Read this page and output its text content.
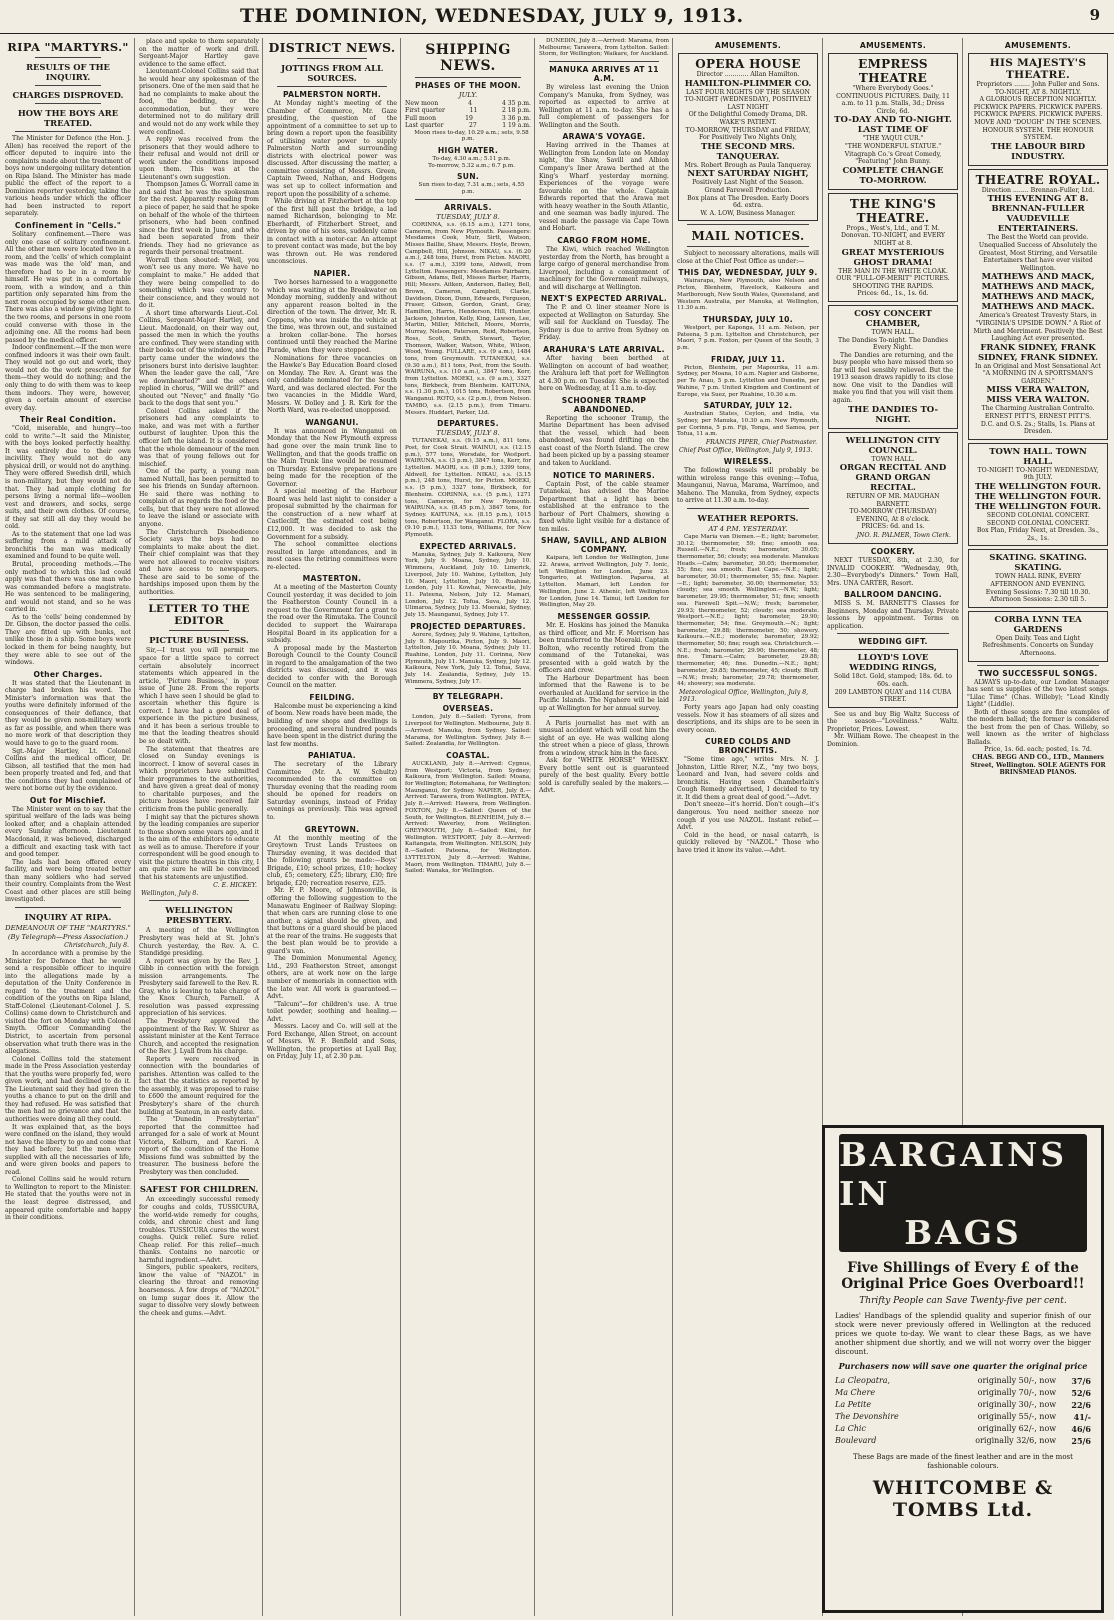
THE DOMINION, WEDNESDAY, JULY 9, 1913.	9
RIPA "MARTYRS."
RESULTS OF THE INQUIRY.
CHARGES DISPROVED.
HOW THE BOYS ARE TREATED.

The Minister for Defence (the Hon. J. Allen) has received the report of the officer deputed to inquire into the complaints made about the treatment of boys now undergoing military detention on Ripa Island. The Minister has made public the effect of the report to a Dominion reporter yesterday, taking the various heads under which the officer had been instructed to report separately.

Confinement in "Cells."

Solitary confinement.—There was only one case of solitary confinement. All the other men were located two in a room, and the 'cells' of which complaint was made was the 'old' man, and therefore had to be in a room by himself. He was put in a comfortable room, with a window, and a thin partition only separated him from the next room occupied by some other men. There was also a window giving light to the two rooms, and persons in one room could converse with those in the adjoining one. All the rooms had been passed by the medical officer.

Indoor confinement.—If the men were confined indoors it was their own fault. They would not go out and work, they would not do the work prescribed for them—they would do nothing; and the only thing to do with them was to keep them indoors. They were, however, given a certain amount of exercise every day.

Their Real Condition.

"Cold, miserable, and hungry—too cold to write."—It said the Minister, with the boys looked perfectly healthy. It was entirely due to their own incivility. They would not do any physical drill, or would not do anything. They were offered Swedish drill, which is non-military, but they would not do that. They had ample clothing for persons living a normal life—woollen vest and drawers, and socks, serge suits, and their own clothes. Of course, if they sat still all day they would be cold.

As to the statement that one lad was suffering from a mild attack of bronchitis the man was medically examined and found to be quite well.

Brutal, proceeding methods.—The only method to which this lad could apply was that there was one man who was commanded before a magistrate. He was sentenced to be malingering, and would not stand, and so he was carried in.

As to the 'cells' being condemned by Dr. Gibson, the doctor passed the cells. They are fitted up with bunks, not unlike those in a ship. Some boys were locked in them for being naughty, but they were able to see out of the windows.

Other Charges.

It was stated that the Lieutenant in charge had broken his word. The Minister's information was that the youths were definitely informed of the consequences of their defiance, that they would be given non-military work as far as possible, and when there was no more work of that description they would have to go to the guard room.

Sgt.-Major Hartley, Lt. Colonel Collins and the medical officer, Dr. Gibson, all testified that the men had been properly treated and fed, and that the conditions they had complained of were not borne out by the evidence.

Out for Mischief.

The Minister went on to say that the spiritual welfare of the lads was being looked after, and a chaplain attended every Sunday afternoon. Lieutenant Macdonald, it was believed, discharged a difficult and exacting task with tact and good temper.

The lads had been offered every facility, and were being treated better than many soldiers who had served their country. Complaints from the West Coast and other places are still being investigated.

INQUIRY AT RIPA.
DEMEANOUR OF THE "MARTYRS."
(By Telegraph—Press Association.)
Christchurch, July 8.

In accordance with a promise by the Minister for Defence that he would send a responsible officer to inquire into the allegations made by a deputation of the Unity Conference in regard to the treatment and the condition of the youths on Ripa Island, Staff-Colonel (Lieutenant-Colonel J. S. Collins) came down to Christchurch and visited the fort on Monday with Colonel Smyth. Officer Commanding the District, to ascertain from personal observation what truth there was in the allegations.

Colonel Collins told the statement made in the Press Association yesterday that the youths were properly fed, were given work, and had declined to do it. The Lieutenant said they had given the youths a chance to put on the drill and they had refused. He was satisfied that the men had no grievance and that the authorities were doing all they could.

It was explained that, as the boys were confined on the island, they would not have the liberty to go and come that they had before; but the men were supplied with all the necessaries of life, and were given books and papers to read.

Colonel Collins said he would return to Wellington to report to the Minister. He stated that the youths were not in the least degree distressed, and appeared quite comfortable and happy in their conditions.

place and spoke to them separately on the matter of work and drill. Sergeant-Major Hartley gave evidence to the same effect.

Lieutenant-Colonel Collins said that he would hear any spokesman of the prisoners. One of the men said that he had no complaints to make about the food, the bedding, or the accommodation, but they were determined not to do military drill and would not do any work while they were confined.

A reply was received from the prisoners that they would adhere to their refusal and would not drill or work under the conditions imposed upon them. This was at the Lieutenant's own suggestion.

Thompson James G. Worrall came in and said that he was the spokesman for the rest. Apparently reading from a piece of paper, he said that he spoke on behalf of the whole of the thirteen prisoners, who had been confined since the first week in June, and who had been separated from their friends. They had no grievance as regards their personal treatment.

Worrall then shouted: "Well, you won't see us any more. We have no complaint to make." He added that they were being compelled to do something which was contrary to their conscience, and they would not do it.

A short time afterwards Lieut.-Col. Collins, Sergeant-Major Hartley, and Lieut. Macdonald, on their way out, passed the men in which the youths are confined. They were standing with their books out of the window, and the party came under the windows the prisoners burst into derisive laughter. When the leader gave the call, "Are we downhearted?" and the others replied in chorus, "Will we drill?" and shouted out "Never," and finally "Go back to the dogs that sent you."

Colonel Collins asked if the prisoners had any complaints to make, and was met with a further outburst of laughter. Upon this the officer left the island. It is considered that the whole demeanour of the men was that of young fellows out for mischief.

One of the party, a young man named Nuttall, has been permitted to see his friends on Sunday afternoon. He said there was nothing to complain of as regards the food or the cells, but that they were not allowed to leave the island or associate with anyone.

The Christchurch Disobedience Society says the boys had no complaints to make about the diet. Their chief complaint was that they were not allowed to receive visitors and have access to newspapers. These are said to be some of the hardships imposed upon them by the authorities.

LETTER TO THE EDITOR
PICTURE BUSINESS.

Sir,—I trust you will permit me space for a little space to correct certain absolutely incorrect statements which appeared in the article, 'Picture Business,' in your issue of June 28. From the reports which I have seen I should be glad to ascertain whether this figure is correct. I have had a good deal of experience in the picture business, and it has been a serious trouble to me that the leading theatres should be so dealt with.

The statement that theatres are closed on Sunday evenings is incorrect. I know of several cases in which proprietors have submitted their programmes to the authorities, and have given a great deal of money to charitable purposes, and the picture houses have received fair criticism from the public generally.

I might say that the pictures shown by the leading companies are superior to those shown some years ago, and it is the aim of the exhibitors to educate as well as to amuse. Therefore if your correspondent will be good enough to visit the picture theatres in this city, I am quite sure he will be convinced that his statements are unjustified.

C. E. HICKEY.
Wellington, July 8.
WELLINGTON PRESBYTERY.

A meeting of the Wellington Presbytery was held at St. John's Church yesterday, the Rev. A. C. Standidge presiding.

A report was given by the Rev. J. Gibb in connection with the foreign mission arrangements. The Presbytery said farewell to the Rev. R. Gray, who is leaving to take charge of the Knox Church, Parnell. A resolution was passed expressing appreciation of his services.

The Presbytery approved the appointment of the Rev. W. Shirer as assistant minister at the Kent Terrace Church, and accepted the resignation of the Rev. J. Lyall from his charge.

Reports were received in connection with the boundaries of parishes. Attention was called to the fact that the statistics as reported by the assembly, it was proposed to raise to £600 the amount required for the Presbytery's share of the church building at Seatoun, in an early date.

The "Dunedin Presbyterian" reported that the committee had arranged for a sale of work at Mount Victoria, Kelburn, and Karori. A report of the condition of the Home Missions fund was submitted by the treasurer. The business before the Presbytery was then concluded.

SAFEST FOR CHILDREN.

An exceedingly successful remedy for coughs and colds, TUSSICURA, the world-wide remedy for coughs, colds, and chronic chest and lung troubles. TUSSICURA cures the worst coughs. Quick relief. Sure relief. Cheap relief. For this relief—much thanks. Contains no narcotic or harmful ingredient.—Advt.

Singers, public speakers, reciters, know the value of "NAZOL" in clearing the throat and removing hoarseness. A few drops of "NAZOL" on lump sugar does it. Allow the sugar to dissolve very slowly between the cheek and gums.—Advt.

DISTRICT NEWS.
JOTTINGS FROM ALL SOURCES.
PALMERSTON NORTH.

At Monday night's meeting of the Chamber of Commerce, Mr. Gaze presiding, the question of the appointment of a committee to set up to bring down a report upon the feasibility of utilising water power to supply Palmerston North and surrounding districts with electrical power was discussed. After discussing the matter, a committee consisting of Messrs. Green, Captain Tweed, Nathan, and Hodgens was set up to collect information and report upon the possibility of a scheme.

While driving at Fitzherbert at the top of the first hill past the bridge, a lad named Richardson, belonging to Mr. Eberhardt, of Fitzherbert Street, and driven by one of his sons, suddenly came in contact with a motor-car. An attempt to prevent contact was made, but the boy was thrown out. He was rendered unconscious.

NAPIER.

Two horses harnessed to a waggonette which was waiting at the Breakwater on Monday morning, suddenly and without any apparent reason bolted in the direction of the town. The driver, Mr. R. Coppens, who was inside the vehicle at the time, was thrown out, and sustained a broken collar-bone. The horses continued until they reached the Marine Parade, when they were stopped.

Nominations for three vacancies on the Hawke's Bay Education Board closed on Monday. The Rev. A. Grant was the only candidate nominated for the South Ward, and was declared elected. For the two vacancies in the Middle Ward, Messrs. W. Dolley and J. R. Kirk for the North Ward, was re-elected unopposed.

WANGANUI.

It was announced in Wanganui on Monday that the New Plymouth express had gone over the main trunk line to Wellington, and that the goods traffic on the Main Trunk line would be resumed on Thursday. Extensive preparations are being made for the reception of the Governor.

A special meeting of the Harbour Board was held last night to consider a proposal submitted by the chairman for the construction of a new wharf at Castlecliff, the estimated cost being £12,000. It was decided to ask the Government for a subsidy.

The school committee elections resulted in large attendances, and in most cases the retiring committees were re-elected.

MASTERTON.

At a meeting of the Masterton County Council yesterday, it was decided to join the Featherston County Council in a request to the Government for a grant to the road over the Rimutaka. The Council decided to support the Wairarapa Hospital Board in its application for a subsidy.

A proposal made by the Masterton Borough Council to the County Council in regard to the amalgamation of the two districts was discussed, and it was decided to confer with the Borough Council on the matter.

FEILDING.

Halcombe must be experiencing a kind of boom. New roads have been made, the building of new shops and dwellings is proceeding, and several hundred pounds have been spent in the district during the last few months.

PAHIATUA.

The secretary of the Library Committee (Mr. A. W. Schultz) recommended to the committee on Thursday evening that the reading room should be opened for readers on Saturday evenings, instead of Friday evenings as previously. This was agreed to.

GREYTOWN.

At the monthly meeting of the Greytown Trust Lands Trustees on Thursday evening, it was decided that the following grants be made:—Boys' Brigade, £10; school prizes, £10; hockey club, £5; cemetery, £25; library, £30; fire brigade, £20; recreation reserve, £25.

Mr. F. P. Moore, of Johnsonville, is offering the following suggestion to the Manawatu Engineer of Railway Sloping: that when cars are running close to one another, a signal should be given, and that buttons or a guard should be placed at the rear of the trains. He suggests that the best plan would be to provide a guard's van.

The Dominion Monumental Agency, Ltd., 293 Featherston Street, amongst others, are at work now on the large number of memorials in connection with the late war. All work is guaranteed.—Advt.

"Talcum"—for children's use. A true toilet powder, soothing and healing.—Advt.

Messrs. Lacey and Co. will sell at the Ford Exchange, Allen Street, on account of Messrs. W. F. Benfield and Sons, Wellington, the properties at Lyall Bay, on Friday, July 11, at 2.30 p.m.

SHIPPING NEWS.
PHASES OF THE MOON.
JULY.
New moon	4	4 35 p.m.
First quarter	11	2 18 p.m.
Full moon	19	3 36 p.m.
Last quarter	27	1 19 a.m.

Moon rises to-day, 10.29 a.m.; sets, 9.58 p.m.

HIGH WATER.

To-day, 4.30 a.m.; 5.11 p.m.

To-morrow, 5.32 a.m.; 6.7 p.m.

SUN.

Sun rises to-day, 7.31 a.m.; sets, 4.55 p.m.

ARRIVALS.
TUESDAY, JULY 8.

CORINNA, s.s. (6.15 a.m.), 1271 tons, Cameron, from New Plymouth. Passengers: Mesdames Cook, Muir, Sirtt, Watson, Misses Baillie, Shaw, Messrs. Hoyle, Brown, Campbell, Hill, Johnson. NIKAU, s.s. (6.20 a.m.), 248 tons, Hurst, from Picton. MAORI, s.s. (7 a.m.), 3399 tons, Aldwell, from Lyttelton. Passengers: Mesdames Fairbairn, Gibson, Adams, Bell, Misses Barber, Harris, Hill; Messrs. Aitken, Anderson, Bailey, Bell, Brown, Cameron, Campbell, Clarke, Davidson, Dixon, Dunn, Edwards, Ferguson, Fraser, Gibson, Gordon, Grant, Gray, Hamilton, Harris, Henderson, Hill, Hunter, Jackson, Johnston, Kelly, King, Lawson, Lee, Martin, Miller, Mitchell, Moore, Morris, Murray, Nelson, Paterson, Reid, Robertson, Ross, Scott, Smith, Stewart, Taylor, Thomson, Walker, Watson, White, Wilson, Wood, Young. FULLARE, s.s. (9 a.m.), 1484 tons, from Greymouth. TUTANEKAI, s.s. (9.30 a.m.), 811 tons, Post, from the South. WAIRUNA, s.s. (10 a.m.), 3847 tons, Kerr, from Lyttelton. MOEKI, s.s. (9 a.m.), 3327 tons, Birkbeck, from Blenheim. KAITUNA, s.s. (1.30 p.m.), 1015 tons, Robertson, from Wanganui. ROTO, s.s. (2 p.m.), from Nelson. TAMBO, s.s. (2.15 p.m.), from Timaru. Messrs. Huddart, Parker, Ltd.

DEPARTURES.
TUESDAY, JULY 8.

TUTANEKAI, s.s. (9.15 a.m.), 811 tons, Post, for Cook Strait. WAINUI, s.s. (12.15 p.m.), 577 tons, Worsdale, for Westport. WAIRUNA, s.s. (3 p.m.), 3847 tons, Kerr, for Lyttelton. MAORI, s.s. (8 p.m.), 3399 tons, Aldwell, for Lyttelton. NIKAU, s.s. (3.15 p.m.), 248 tons, Hurst, for Picton. MOEKI, s.s. (5 p.m.), 3327 tons, Birkbeck, for Blenheim. CORINNA, s.s. (5 p.m.), 1271 tons, Cameron, for New Plymouth. WAIRUNA, s.s. (8.45 p.m.), 3847 tons, for Sydney. KAITUNA, s.s. (8.15 p.m.), 1015 tons, Robertson, for Wanganui. FLORA, s.s. (9.10 p.m.), 1133 tons, Williams, for New Plymouth.

EXPECTED ARRIVALS.

Manuka, Sydney, July 9. Kaikoura, New York, July 9. Moana, Sydney, July 10. Wimmera, Auckland, July 10. Limerick, Liverpool, July 10. Wahine, Lyttelton, July 10. Maori, Lyttelton, July 10. Ruahine, London, July 11. Kowhai, Newcastle, July 11. Pateena, Nelson, July 12. Mamari, London, July 12. Tofua, Suva, July 12. Ulimaroa, Sydney, July 13. Moeraki, Sydney, July 15. Maunganui, Sydney, July 17.

PROJECTED DEPARTURES.

Aorere, Sydney, July 9. Wahine, Lyttelton, July 9. Mapourika, Picton, July 9. Maori, Lyttelton, July 10. Moana, Sydney, July 11. Ruahine, London, July 11. Corinna, New Plymouth, July 11. Manuka, Sydney, July 12. Kaikoura, New York, July 12. Tofua, Suva, July 14. Zealandia, Sydney, July 15. Wimmera, Sydney, July 17.

BY TELEGRAPH.
OVERSEAS.

London, July 8.—Sailed: Tyrone, from Liverpool for Wellington. Melbourne, July 8.—Arrived: Manuka, from Sydney. Sailed: Marama, for Wellington. Sydney, July 8.—Sailed: Zealandia, for Wellington.

COASTAL.

AUCKLAND, July 8.—Arrived: Cygnus, from Westport; Victoria, from Sydney; Kaikoura, from Wellington. Sailed: Moana, for Wellington; Rotomahana, for Wellington; Maunganui, for Sydney. NAPIER, July 8.—Arrived: Tarawera, from Wellington. PATEA, July 8.—Arrived: Hawera, from Wellington. FOXTON, July 8.—Sailed: Queen of the South, for Wellington. BLENHEIM, July 8.—Arrived: Waverley, from Wellington. GREYMOUTH, July 8.—Sailed: Kini, for Wellington. WESTPORT, July 8.—Arrived: Kaitangata, from Wellington. NELSON, July 8.—Sailed: Pateena, for Wellington. LYTTELTON, July 8.—Arrived: Wahine, Maori, from Wellington. TIMARU, July 8.—Sailed: Wanaka, for Wellington.

DUNEDIN, July 8.—Arrived: Marama, from Melbourne; Tarawera, from Lyttelton. Sailed: Storm, for Wellington; Waikare, for Auckland.

MANUKA ARRIVES AT 11 A.M.

By wireless last evening the Union Company's Manuka, from Sydney, was reported as expected to arrive at Wellington at 11 a.m. to-day. She has a full complement of passengers for Wellington and the South.

ARAWA'S VOYAGE.

Having arrived in the Thames at Wellington from London late on Monday night, the Shaw, Savill and Albion Company's liner Arawa berthed at the King's Wharf yesterday morning. Experiences of the voyage were favourable on the whole. Captain Edwards reported that the Arawa met with heavy weather in the South Atlantic, and one seaman was badly injured. The vessel made the passage via Cape Town and Hobart.

CARGO FROM HOME.

The Kiwi, which reached Wellington yesterday from the North, has brought a large cargo of general merchandise from Liverpool, including a consignment of machinery for the Government railways, and will discharge at Wellington.

NEXT'S EXPECTED ARRIVAL.

The P. and O. liner steamer Nore is expected at Wellington on Saturday. She will sail for Auckland on Tuesday. The Sydney is due to arrive from Sydney on Friday.

ARAHURA'S LATE ARRIVAL.

After having been berthed at Wellington on account of bad weather, the Arahura left that port for Wellington at 4.30 p.m. on Tuesday. She is expected here on Wednesday, at 11 a.m. to-day.

SCHOONER TRAMP ABANDONED.

Reporting the schooner Tramp, the Marine Department has been advised that the vessel, which had been abandoned, was found drifting on the east coast of the North Island. The crew had been picked up by a passing steamer and taken to Auckland.

NOTICE TO MARINERS.

Captain Post, of the cable steamer Tutanekai, has advised the Marine Department that a light has been established at the entrance to the harbour of Port Chalmers, showing a fixed white light visible for a distance of ten miles.

SHAW, SAVILL, AND ALBION COMPANY.

Kaipara, left London for Wellington, June 22. Arawa, arrived Wellington, July 7. Ionic, left Wellington for London, June 23. Tongariro, at Wellington. Paparoa, at Lyttelton. Mamari, left London for Wellington, June 2. Athenic, left Wellington for London, June 14. Tainui, left London for Wellington, May 29.

MESSENGER GOSSIP.

Mr. E. Hoskins has joined the Manuka as third officer, and Mr. F. Morrison has been transferred to the Moeraki. Captain Bolton, who recently retired from the command of the Tutanekai, was presented with a gold watch by the officers and crew.

The Harbour Department has been informed that the Rawene is to be overhauled at Auckland for service in the Pacific Islands. The Ngahere will be laid up at Wellington for her annual survey.

A Paris journalist has met with an unusual accident which will cost him the sight of an eye. He was walking along the street when a piece of glass, thrown from a window, struck him in the face.

Ask for "WHITE HORSE" WHISKY. Every bottle sent out is guaranteed purely of the best quality. Every bottle sold is carefully sealed by the makers.—Advt.

AMUSEMENTS.
OPERA HOUSE
Director ............ Allan Hamilton.
HAMILTON-PLIMMER CO.
LAST FOUR NIGHTS OF THE SEASON
TO-NIGHT (WEDNESDAY), POSITIVELY LAST NIGHT
Of the Delightful Comedy Drama, DR. WAKE'S PATIENT.
TO-MORROW, THURSDAY and FRIDAY, For Positively Two Nights Only,
THE SECOND MRS. TANQUERAY.
Mrs. Robert Brough as Paula Tanqueray.
NEXT SATURDAY NIGHT,
Positively Last Night of the Season. Grand Farewell Production.
Box plans at The Dresden. Early Doors 6d. extra.
W. A. LOW, Business Manager.
MAIL NOTICES.

Subject to necessary alterations, mails will close at the Chief Post Office as under:—

THIS DAY, WEDNESDAY, JULY 9.

Wairarapa, New Plymouth, also Nelson and Picton, Blenheim, Havelock, Kaikoura and Marlborough, New South Wales, Queensland, and Western Australia, per Manuka, at Wellington, 11.30 a.m.

THURSDAY, JULY 10.

Westport, per Kaponga, 11 a.m. Nelson, per Pateena, 5 p.m. Lyttelton and Christchurch, per Maori, 7 p.m. Foxton, per Queen of the South, 3 p.m.

FRIDAY, JULY 11.

Picton, Blenheim, per Mapourika, 11 a.m. Sydney, per Moana, 10 a.m. Napier and Gisborne, per Te Anau, 5 p.m. Lyttelton and Dunedin, per Wahine, 7 p.m. United Kingdom and Continent of Europe, via Suez, per Ruahine, 10.30 a.m.

SATURDAY, JULY 12.

Australian States, Ceylon, and India, via Sydney, per Manuka, 10.30 a.m. New Plymouth, per Corinna, 5 p.m. Fiji, Tonga, and Samoa, per Tofua, 11 a.m.

FRANCIS PIPER, Chief Postmaster.
Chief Post Office, Wellington, July 9, 1913.
WIRELESS.

The following vessels will probably be within wireless range this evening:—Tofua, Maunganui, Navua, Marama, Warrimoo, and Maheno. The Manuka, from Sydney, expects to arrive at 11.30 a.m. to-day.

WEATHER REPORTS.
AT 4 P.M. YESTERDAY.

Cape Maria van Diemen.—E.; light; barometer, 30.12; thermometer, 59; fine; smooth sea. Russell.—N.E.; fresh; barometer, 30.05; thermometer, 56; cloudy; sea moderate. Manukau Heads.—Calm; barometer, 30.05; thermometer, 55; fine; sea smooth. East Cape.—N.E.; light; barometer, 30.01; thermometer, 55; fine. Napier.—E.; light; barometer, 30.00; thermometer, 53; cloudy; sea smooth. Wellington.—N.W.; light; barometer, 29.95; thermometer, 51; fine; smooth sea. Farewell Spit.—N.W.; fresh; barometer, 29.93; thermometer, 52; cloudy; sea moderate. Westport.—N.E.; light; barometer, 29.90; thermometer, 54; fine. Greymouth.—N.; light; barometer, 29.88; thermometer, 50; showery. Kaikoura.—N.E.; moderate; barometer, 29.92; thermometer, 50; fine; rough sea. Christchurch.—N.E.; fresh; barometer, 29.90; thermometer, 48; fine. Timaru.—Calm; barometer, 29.88; thermometer, 46; fine. Dunedin.—N.E.; light; barometer, 29.85; thermometer, 45; cloudy. Bluff.—N.W.; fresh; barometer, 29.78; thermometer, 44; showery; sea moderate.

Meteorological Office, Wellington, July 8, 1913.

Forty years ago Japan had only coasting vessels. Now it has steamers of all sizes and descriptions, and its ships are to be seen in every ocean.

CURED COLDS AND BRONCHITIS.

"Some time ago," writes Mrs. N. J. Johnston, Little River, N.Z., "my two boys, Leonard and Ivan, had severe colds and bronchitis. Having seen Chamberlain's Cough Remedy advertised, I decided to try it. It did them a great deal of good."—Advt.

Don't sneeze—it's horrid. Don't cough—it's dangerous. You need neither sneeze nor cough if you use NAZOL. Instant relief.—Advt.

Cold in the head, or nasal catarrh, is quickly relieved by "NAZOL." Those who have tried it know its value.—Advt.

AMUSEMENTS.
EMPRESS THEATRE
"Where Everybody Goes."
CONTINUOUS PICTURES. Daily, 11 a.m. to 11 p.m. Stalls, 3d.; Dress Circle, 6d.
TO-DAY AND TO-NIGHT. LAST TIME OF
"THE YAQUI CUR."
"THE WONDERFUL STATUE."
Vitagraph Co.'s Great Comedy, "Featuring" John Bunny.
COMPLETE CHANGE TO-MORROW.
THE KING'S THEATRE.
Props., West's, Ltd., and T. M. Donovan. TO-NIGHT, and EVERY NIGHT at 8.
GREAT MYSTERIOUS GHOST DRAMA!
THE MAN IN THE WHITE CLOAK.
OUR "FULL-OF-MERIT" PICTURES.
SHOOTING THE RAPIDS.
Prices: 6d., 1s., 1s. 6d.
COSY CONCERT CHAMBER,
TOWN HALL.
The Dandies To-night. The Dandies Every Night.

The Dandies are returning, and the busy people who have missed them so far will feel sensibly relieved. But the 1913 season draws rapidly to its close now. One visit to the Dandies will make you find that you will visit them again.

THE DANDIES TO-NIGHT.
WELLINGTON CITY COUNCIL.
TOWN HALL.
ORGAN RECITAL AND GRAND ORGAN RECITAL.
RETURN OF MR. MAUGHAN BARNETT.
TO-MORROW (THURSDAY) EVENING, At 8 o'clock.
PRICES: 6d. and 1s.
JNO. R. PALMER, Town Clerk.
COOKERY.

NEXT TUESDAY, 8th, at 2.30, for INVALID COOKERY. "Wednesday, 9th, 2.30—Everybody's Dinners." Town Hall, Mrs. UNA CARTER, Resort.

BALLROOM DANCING.

MISS S. M. BARNETT'S Classes for Beginners, Monday and Thursday. Private lessons by appointment. Terms on application.

WEDDING GIFT.
LLOYD'S LOVE WEDDING RINGS,
Solid 18ct. Gold, stamped; 18s. 6d. to 60s. each.
209 LAMBTON QUAY and 114 CUBA STREET.

See us and buy Big Waltz Success of the season—"Loveliness." Waltz. Proprietor, Prices. Lowest.

Mr. William Rowe. The cheapest in the Dominion.

AMUSEMENTS.
HIS MAJESTY'S THEATRE.
Proprietors ........ John Fuller and Sons. TO-NIGHT, AT 8. NIGHTLY.
A GLORIOUS RECEPTION NIGHTLY. PICKWICK PAPERS. PICKWICK PAPERS. PICKWICK PAPERS. PICKWICK PAPERS.
MOVE AND "DOUGH" IN THE SCENES. HONOUR SYSTEM. THE HONOUR SYSTEM.
THE LABOUR BIRD INDUSTRY.
THEATRE ROYAL.
Direction ........ Brennan-Fuller, Ltd.
THIS EVENING AT 8.
BRENNAN-FULLER VAUDEVILLE ENTERTAINERS.
The Best the World can provide. Unequalled Success of Absolutely the Greatest, Most Stirring, and Versatile Entertainers that have ever visited Wellington.
MATHEWS AND MACK, MATHEWS AND MACK, MATHEWS AND MACK, MATHEWS AND MACK.
America's Greatest Travesty Stars, in "VIRGINIA'S UPSIDE DOWN." A Riot of Mirth and Merriment. Positively the Best Laughing Act ever presented.
FRANK SIDNEY, FRANK SIDNEY, FRANK SIDNEY.
In an Original and Most Sensational Act "A MORNING IN A SPORTSMAN'S GARDEN."
MISS VERA WALTON, MISS VERA WALTON.
The Charming Australian Contralto. ERNEST PITT'S, ERNEST PITT'S.
D.C. and O.S. 2s.; Stalls, 1s. Plans at Dresden.
TOWN HALL. TOWN HALL.
TO-NIGHT! TO-NIGHT! WEDNESDAY, 9th JULY.
THE WELLINGTON FOUR. THE WELLINGTON FOUR. THE WELLINGTON FOUR.
SECOND COLONIAL CONCERT. SECOND COLONIAL CONCERT.
Box Plan, Friday Next, at Dresden. 3s., 2s., 1s.
SKATING. SKATING. SKATING.
TOWN HALL RINK, EVERY AFTERNOON AND EVENING.
Evening Sessions: 7.30 till 10.30. Afternoon Sessions: 2.30 till 5.
CORBA LYNN TEA GARDENS
Open Daily. Teas and Light Refreshments. Concerts on Sunday Afternoons.
TWO SUCCESSFUL SONGS.

ALWAYS up-to-date, our London Manager has sent us supplies of the two latest songs. "Lilac Time" (Chas. Willeby); "Lead Kindly Light" (Liddle).

Both of these songs are fine examples of the modern ballad; the former is considered the best from the pen of Chas. Willeby, so well known as the writer of highclass Ballads.

Price, 1s. 6d. each; posted, 1s. 7d.
CHAS. BEGG AND CO., LTD., Manners Street, Wellington. SOLE AGENTS FOR BRINSMEAD PIANOS.
BARGAINS IN
BAGS
Five Shillings of Every £ of the Original Price Goes Overboard!!
Thrifty People can Save Twenty-five per cent.
Ladies' Handbags of the splendid quality and superior finish of our stock were never previously offered in Wellington at the reduced prices we quote to-day. We want to clear these Bags, as we have another shipment due shortly, and we will not worry over the bigger discount.
Purchasers now will save one quarter the original price
La Cleopatra,	originally 50/-, now	37/6
Ma Chere	originally 70/-, now	52/6
La Petite	originally 30/-, now	22/6
The Devonshire	originally 55/-, now	41/-
La Chic	originally 62/-, now	46/6
Boulevard	originally 32/6, now	25/6
These Bags are made of the finest leather and are in the most fashionable colours.
WHITCOMBE & TOMBS Ltd.
